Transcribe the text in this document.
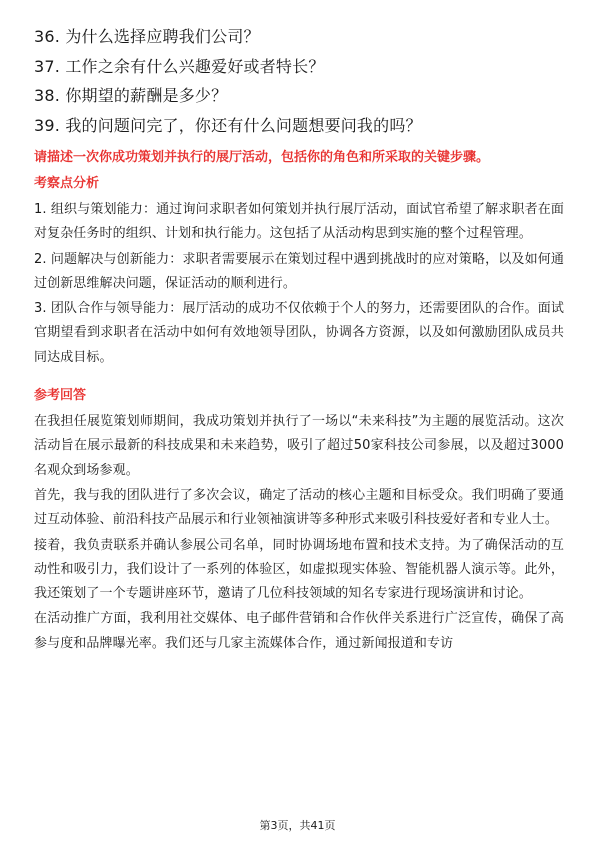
36. 为什么选择应聘我们公司？
37. 工作之余有什么兴趣爱好或者特长？
38. 你期望的薪酬是多少？
39. 我的问题问完了，你还有什么问题想要问我的吗？
请描述一次你成功策划并执行的展厅活动，包括你的角色和所采取的关键步骤。
考察点分析
1. 组织与策划能力：通过询问求职者如何策划并执行展厅活动，面试官希望了解求职者在面对复杂任务时的组织、计划和执行能力。这包括了从活动构思到实施的整个过程管理。
2. 问题解决与创新能力：求职者需要展示在策划过程中遇到挑战时的应对策略，以及如何通过创新思维解决问题，保证活动的顺利进行。
3. 团队合作与领导能力：展厅活动的成功不仅依赖于个人的努力，还需要团队的合作。面试官期望看到求职者在活动中如何有效地领导团队，协调各方资源，以及如何激励团队成员共同达成目标。
参考回答
在我担任展览策划师期间，我成功策划并执行了一场以“未来科技”为主题的展览活动。这次活动旨在展示最新的科技成果和未来趋势，吸引了超过50家科技公司参展，以及超过3000名观众到场参观。
首先，我与我的团队进行了多次会议，确定了活动的核心主题和目标受众。我们明确了要通过互动体验、前沿科技产品展示和行业领袖演讲等多种形式来吸引科技爱好者和专业人士。
接着，我负责联系并确认参展公司名单，同时协调场地布置和技术支持。为了确保活动的互动性和吸引力，我们设计了一系列的体验区，如虚拟现实体验、智能机器人演示等。此外，我还策划了一个专题讲座环节，邀请了几位科技领域的知名专家进行现场演讲和讨论。
在活动推广方面，我利用社交媒体、电子邮件营销和合作伙伴关系进行广泛宣传，确保了高参与度和品牌曝光率。我们还与几家主流媒体合作，通过新闻报道和专访
第3页，共41页
